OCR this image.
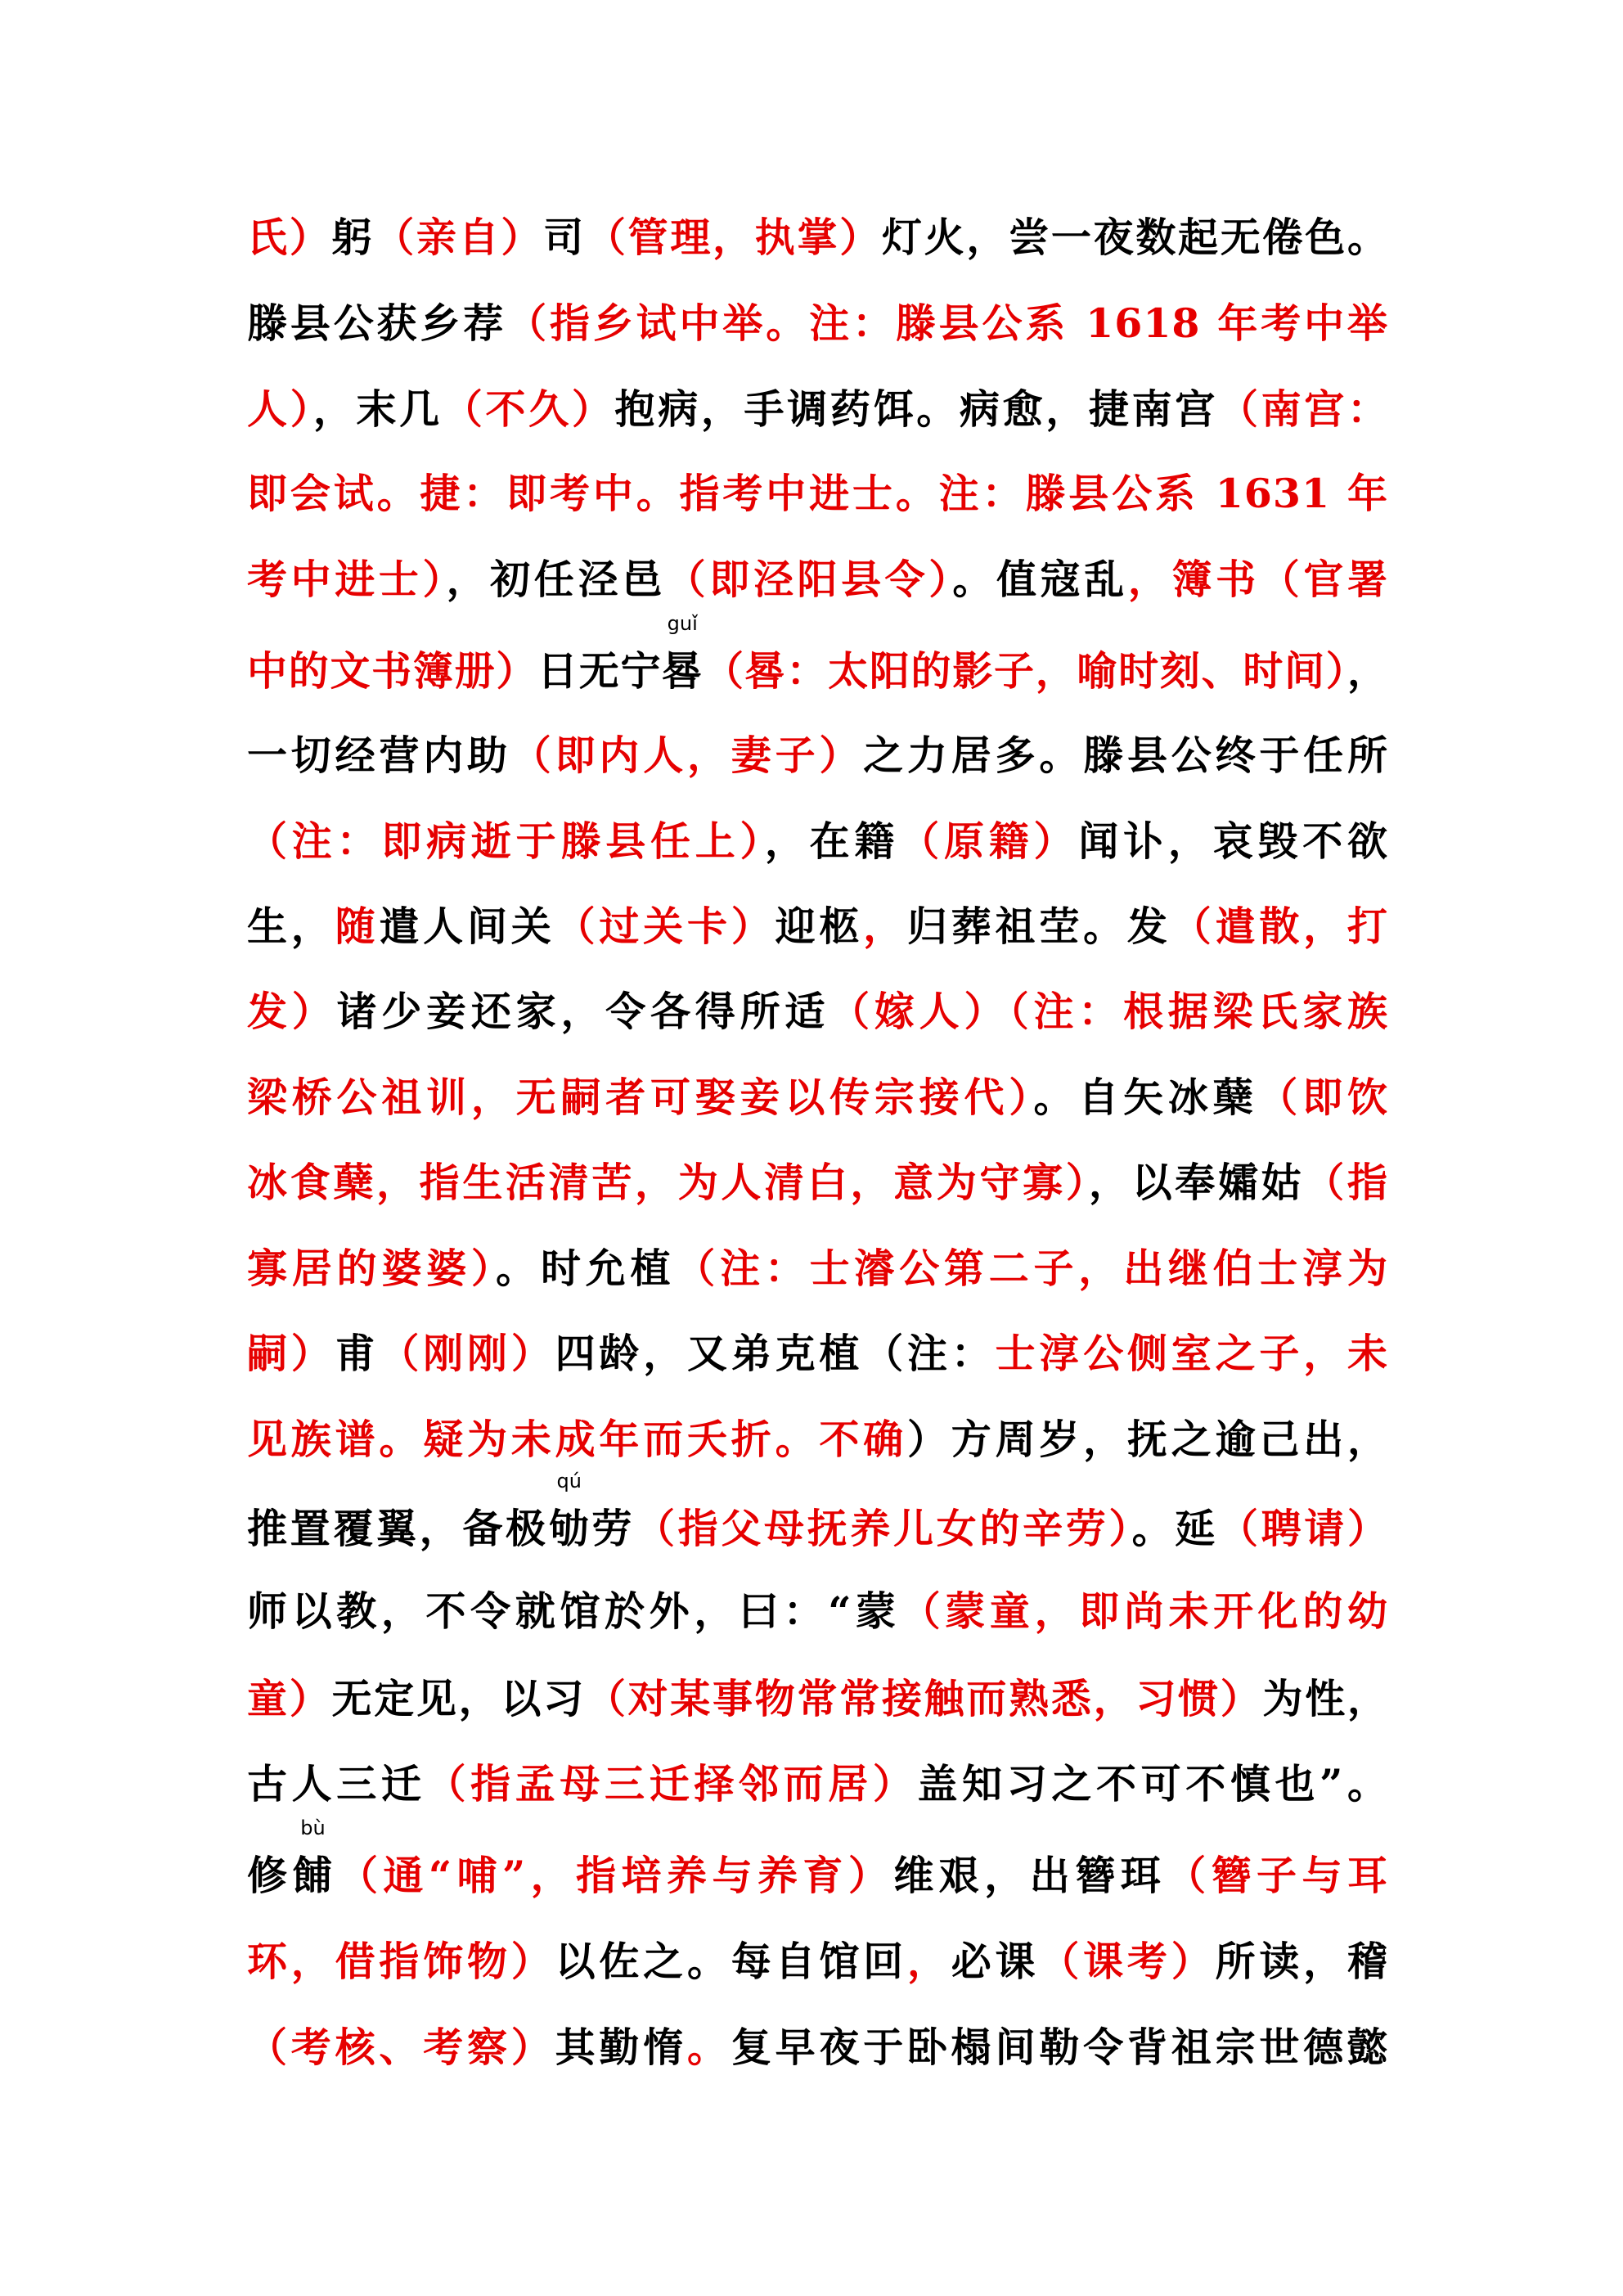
氏）躬（亲自）司（管理，执掌）灯火，尝一夜数起无倦色。
滕县公获乡荐（指乡试中举。注：滕县公系 1618 年考中举
人），末几（不久）抱病，手调药饵。病愈，捷南宫（南宫：
即会试。捷：即考中。指考中进士。注：滕县公系 1631 年
考中进士），初任泾邑（即泾阳县令）。值寇乱，簿书（官署
中的文书簿册）日无宁
guǐ
晷（晷：太阳的影子，喻时刻、时间），
一切经营内助（即内人，妻子）之力居多。滕县公终于任所
（注：即病逝于滕县任上），在籍（原籍）闻讣，哀毁不欲
生，随遣人间关（过关卡）迎柩，归葬祖茔。发（遣散，打
发）诸少妾还家，令各得所适（嫁人）（注：根据梁氏家族
梁桥公祖训，无嗣者可娶妾以传宗接代）。自矢冰蘖（即饮
冰食蘖，指生活清苦，为人清白，意为守寡），以奉孀姑（指
寡居的婆婆）。时允植（注：士濬公第二子，出继伯士淳为
嗣）甫（刚刚）四龄，又弟克植（注：士淳公侧室之子，未
见族谱。疑为未成年而夭折。不确）方周岁，抚之逾己出，
推置覆翼，备极
qú
劬劳（指父母抚养儿女的辛劳）。延（聘请）
师以教，不令就馆於外，曰：“蒙（蒙童，即尚未开化的幼
童）无定见，以习（对某事物常常接触而熟悉，习惯）为性，
古人三迁（指孟母三迁择邻而居）盖知习之不可不慎也”。
修
bù
餔（通“哺”，指培养与养育）维艰，出簪珥（簪子与耳
环，借指饰物）以佐之。每自馆回，必课（课考）所读，稽
（考核、考察）其勤惰。复早夜于卧榻间勒令背祖宗世德懿
